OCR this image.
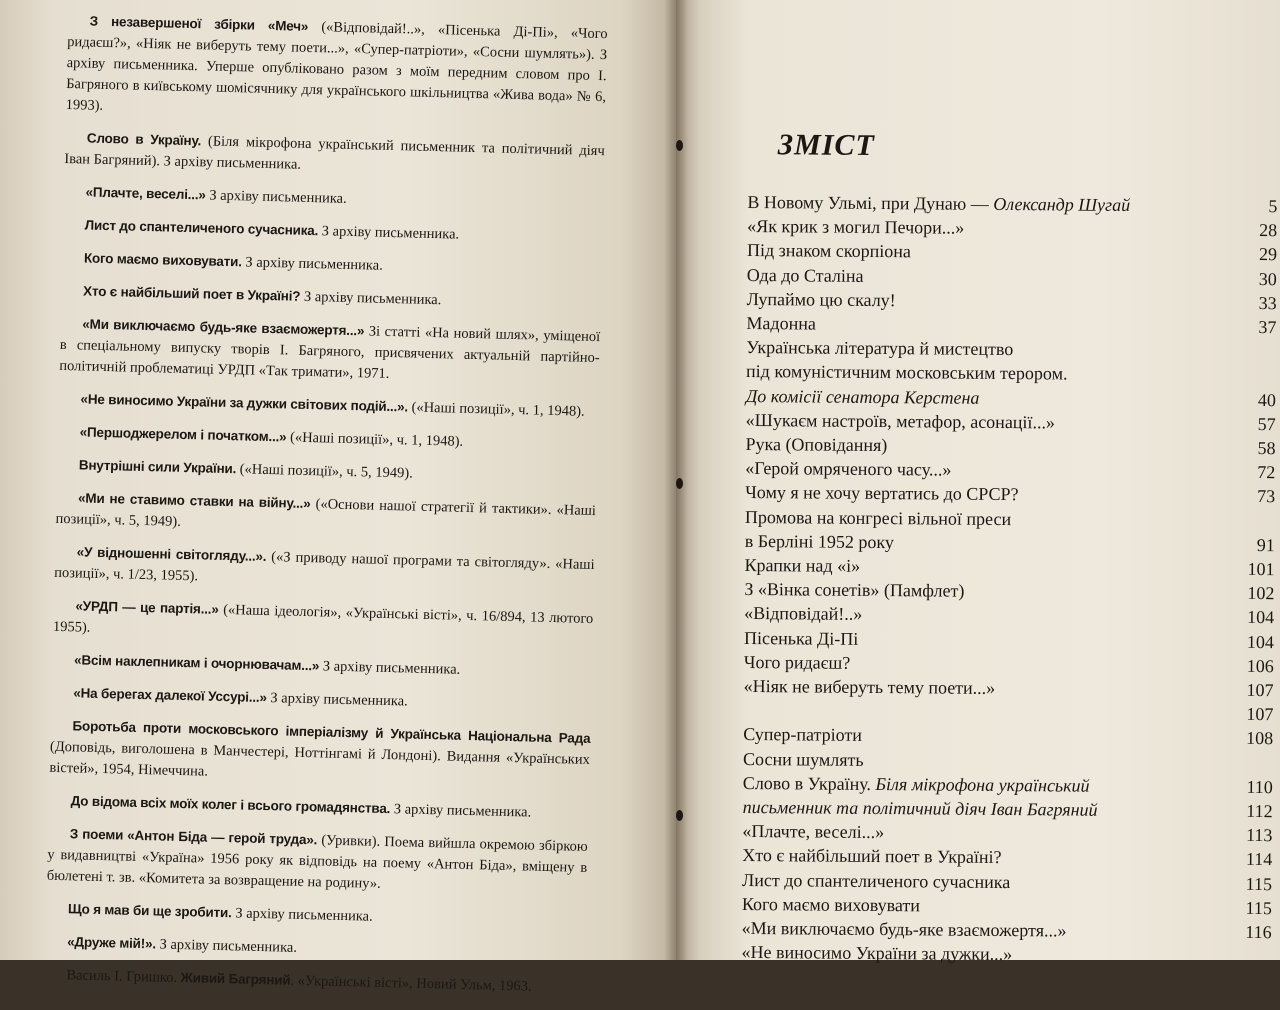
З незавершеної збірки «Меч» («Відповідай!..», «Пісенька Ді-Пі», «Чого ридаєш?», «Ніяк не виберуть тему поети...», «Супер-патріоти», «Сосни шумлять»). З архіву письменника. Уперше опубліковано разом з моїм передним словом про І. Багряного в київському шомісячнику для українського шкільництва «Жива вода» № 6, 1993).

Слово в Україну. (Біля мікрофона український письменник та політичний діяч Іван Багряний). З архіву письменника.

«Плачте, веселі...» З архіву письменника.

Лист до спантеличеного сучасника. З архіву письменника.

Кого маємо виховувати. З архіву письменника.

Хто є найбільший поет в Україні? З архіву письменника.

«Ми виключаємо будь-яке взаєможертя...» Зі статті «На новий шлях», уміщеної в спеціальному випуску творів І. Багряного, присвячених актуальній партійно-політичній проблематиці УРДП «Так тримати», 1971.

«Не виносимо України за дужки світових подій...». («Наші позиції», ч. 1, 1948).

«Першоджерелом і початком...» («Наші позиції», ч. 1, 1948).

Внутрішні сили України. («Наші позиції», ч. 5, 1949).

«Ми не ставимо ставки на війну...» («Основи нашої стратегії й тактики». «Наші позиції», ч. 5, 1949).

«У відношенні світогляду...». («З приводу нашої програми та світогляду». «Наші позиції», ч. 1/23, 1955).

«УРДП — це партія...» («Наша ідеологія», «Українські вісті», ч. 16/894, 13 лютого 1955).

«Всім наклепникам і очорнювачам...» З архіву письменника.

«На берегах далекої Уссурі...» З архіву письменника.

Боротьба проти московського імперіалізму й Українська Національна Рада (Доповідь, виголошена в Манчестері, Ноттінгамі й Лондоні). Видання «Українських вістей», 1954, Німеччина.

До відома всіх моїх колег і всього громадянства. З архіву письменника.

З поеми «Антон Біда — герой труда». (Уривки). Поема вийшла окремою збіркою у видавництві «Україна» 1956 року як відповідь на поему «Антон Біда», вміщену в бюлетені т. зв. «Комитета за возвращение на родину».

Що я мав би ще зробити. З архіву письменника.

«Друже мій!». З архіву письменника.

Василь І. Гришко. Живий Багряний. «Українські вісті», Новий Ульм, 1963.

ЗМІСТ
В Новому Ульмі, при Дунаю — Олександр Шугай	5
«Як крик з могил Печори...»	28
Під знаком скорпіона	29
Ода до Сталіна	30
Лупаймо цю скалу!	33
Мадонна	37
Українська література й мистецтво
під комуністичним московським терором.
До комісії сенатора Керстена	40
«Шукаєм настроїв, метафор, асонації...»	57
Рука (Оповідання)	58
«Герой омряченого часу...»	72
Чому я не хочу вертатись до СРСР?	73
Промова на конгресі вільної преси
в Берліні 1952 року	91
Крапки над «і»	101
З «Вінка сонетів» (Памфлет)	102
«Відповідай!..»	104
Пісенька Ді-Пі	104
Чого ридаєш?	106
«Ніяк не виберуть тему поети...»	107

107
Супер-патріоти	108
Сосни шумлять
Слово в Україну. Біля мікрофона український	110
письменник та політичний діяч Іван Багряний	112
«Плачте, веселі...»	113
Хто є найбільший поет в Україні?	114
Лист до спантеличеного сучасника	115
Кого маємо виховувати	115
«Ми виключаємо будь-яке взаєможертя...»	116
«Не виносимо України за дужки...»
